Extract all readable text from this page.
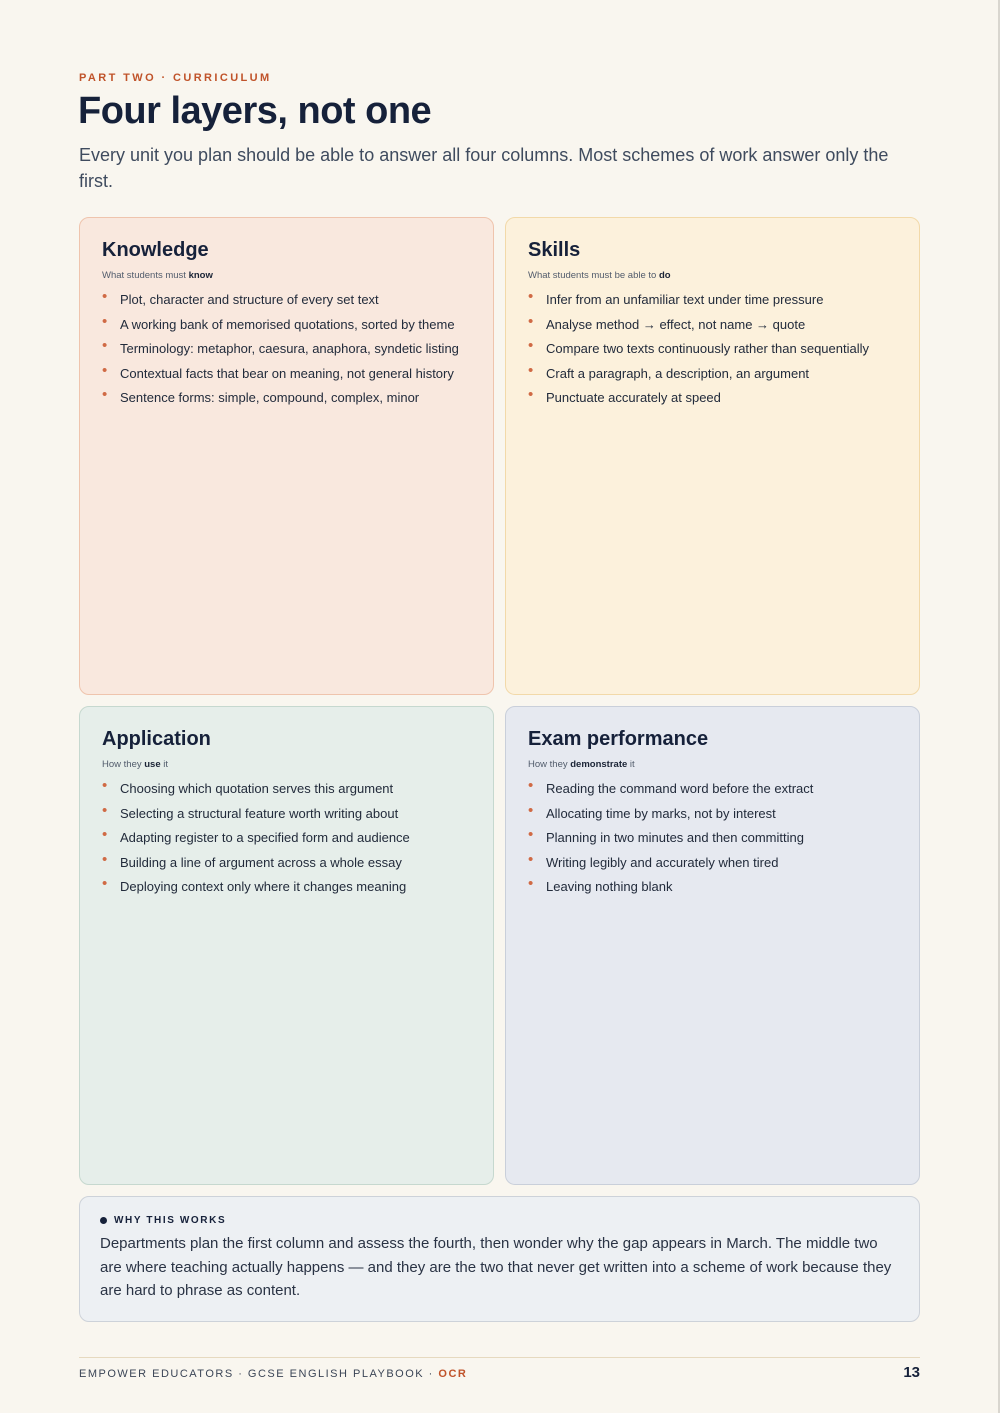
PART TWO · CURRICULUM
Four layers, not one

Every unit you plan should be able to answer all four columns. Most schemes of work answer only the first.

Knowledge
What students must know
• Plot, character and structure of every set text
• A working bank of memorised quotations, sorted by theme
• Terminology: metaphor, caesura, anaphora, syndetic listing
• Contextual facts that bear on meaning, not general history
• Sentence forms: simple, compound, complex, minor
Skills
What students must be able to do
• Infer from an unfamiliar text under time pressure
• Analyse method → effect, not name → quote
• Compare two texts continuously rather than sequentially
• Craft a paragraph, a description, an argument
• Punctuate accurately at speed
Application
How they use it
• Choosing which quotation serves this argument
• Selecting a structural feature worth writing about
• Adapting register to a specified form and audience
• Building a line of argument across a whole essay
• Deploying context only where it changes meaning
Exam performance
How they demonstrate it
• Reading the command word before the extract
• Allocating time by marks, not by interest
• Planning in two minutes and then committing
• Writing legibly and accurately when tired
• Leaving nothing blank
WHY THIS WORKS

Departments plan the first column and assess the fourth, then wonder why the gap appears in March. The middle two are where teaching actually happens — and they are the two that never get written into a scheme of work because they are hard to phrase as content.

EMPOWER EDUCATORS · GCSE ENGLISH PLAYBOOK · OCR	13
